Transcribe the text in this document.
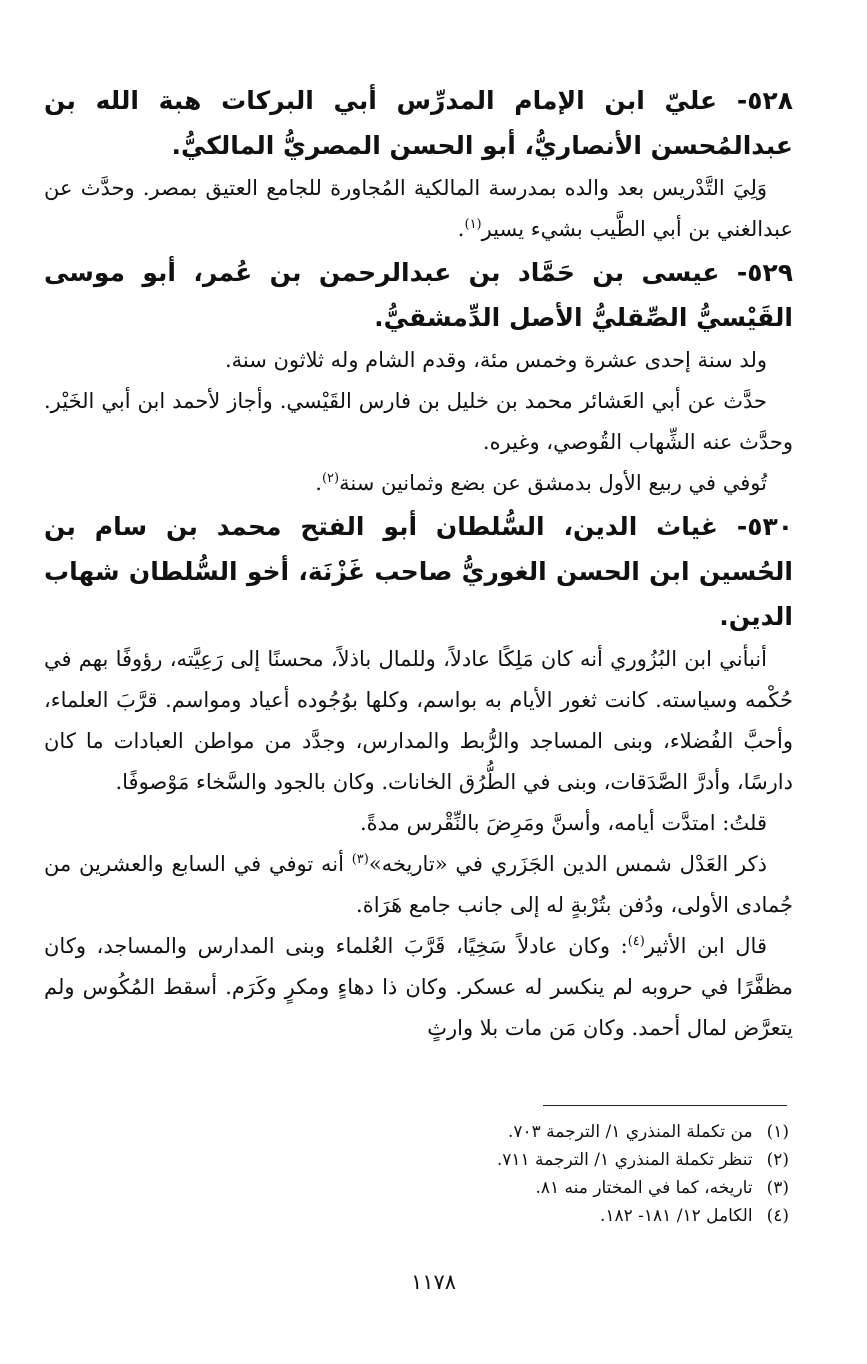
٥٢٨- عليّ ابن الإمام المدرِّس أبي البركات هبة الله بن عبدالمُحسن الأنصاريُّ، أبو الحسن المصريُّ المالكيُّ.

وَلِيَ التَّدْريس بعد والده بمدرسة المالكية المُجاورة للجامع العتيق بمصر. وحدَّث عن عبدالغني بن أبي الطَّيب بشيء يسير$^{(١)}$.

٥٢٩- عيسى بن حَمَّاد بن عبدالرحمن بن عُمر، أبو موسى القَيْسيُّ الصِّقليُّ الأصل الدِّمشقيُّ.

ولد سنة إحدى عشرة وخمس مئة، وقدم الشام وله ثلاثون سنة.

حدَّث عن أبي العَشائر محمد بن خليل بن فارس القَيْسي. وأجاز لأحمد ابن أبي الخَيْر. وحدَّث عنه الشِّهاب القُوصي، وغيره.

تُوفي في ربيع الأول بدمشق عن بضع وثمانين سنة$^{(٢)}$.

٥٣٠- غياث الدين، السُّلطان أبو الفتح محمد بن سام بن الحُسين ابن الحسن الغوريُّ صاحب غَزْنَة، أخو السُّلطان شهاب الدين.

أنبأني ابن البُزُوري أنه كان مَلِكًا عادلاً، وللمال باذلاً، محسنًا إلى رَعِيَّته، رؤوفًا بهم في حُكْمه وسياسته. كانت ثغور الأيام به بواسم، وكلها بوُجُوده أعياد ومواسم. قرَّبَ العلماء، وأحبَّ الفُضلاء، وبنى المساجد والرُّبط والمدارس، وجدَّد من مواطن العبادات ما كان دارسًا، وأدرَّ الصَّدَقات، وبنى في الطُّرُق الخانات. وكان بالجود والسَّخاء مَوْصوفًا.

قلتُ: امتدَّت أيامه، وأسنَّ ومَرِضَ بالنِّقْرس مدةً.

ذكر العَدْل شمس الدين الجَزَري في «تاريخه»$^{(٣)}$ أنه توفي في السابع والعشرين من جُمادى الأولى، ودُفن بتُرْبةٍ له إلى جانب جامع هَرَاة.

قال ابن الأثير$^{(٤)}$: وكان عادلاً سَخِيًا، قَرَّبَ العُلماء وبنى المدارس والمساجد، وكان مظفَّرًا في حروبه لم ينكسر له عسكر. وكان ذا دهاءٍ ومكرٍ وكَرَم. أسقط المُكُوس ولم يتعرَّض لمال أحمد. وكان مَن مات بلا وارثٍ

(١)من تكملة المنذري ١/ الترجمة ٧٠٣.
(٢)تنظر تكملة المنذري ١/ الترجمة ٧١١.
(٣)تاريخه، كما في المختار منه ٨١.
(٤)الكامل ١٢/ ١٨١- ١٨٢.
١١٧٨
